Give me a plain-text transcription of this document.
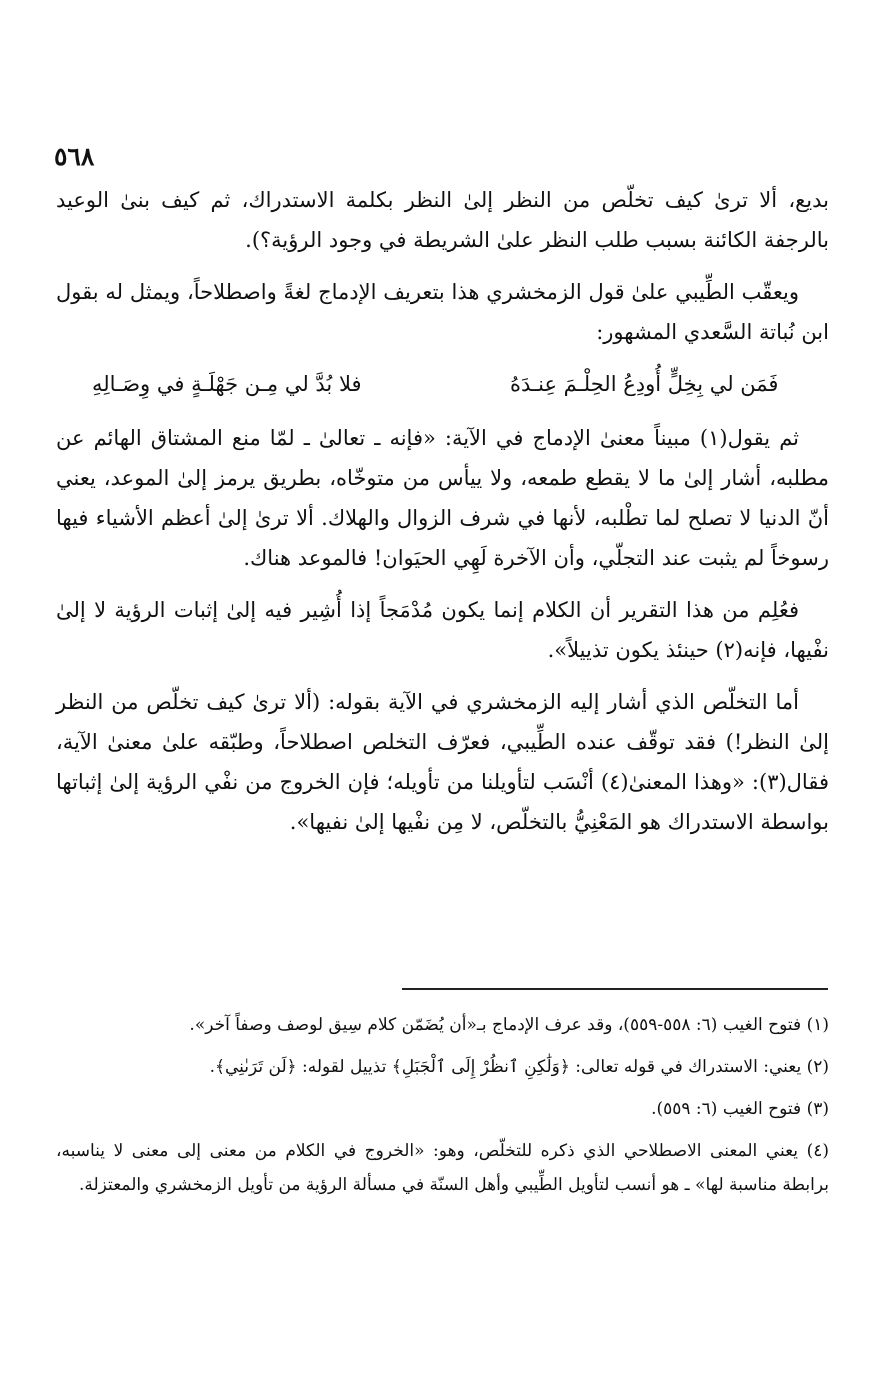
٥٦٨

بديع، ألا ترىٰ كيف تخلّص من النظر إلىٰ النظر بكلمة الاستدراك، ثم كيف بنىٰ الوعيد بالرجفة الكائنة بسبب طلب النظر علىٰ الشريطة في وجود الرؤية؟).

ويعقّب الطِّيبي علىٰ قول الزمخشري هذا بتعريف الإدماج لغةً واصطلاحاً، ويمثل له بقول ابن نُباتة السَّعدي المشهور:

فَمَن لي بِخِلٍّ أُودِعُ الحِلْـمَ عِنـدَهُ
فلا بُدَّ لي مِـن جَهْلَـةٍ في وِصَـالِهِ

ثم يقول(١) مبيناً معنىٰ الإدماج في الآية: «فإنه ـ تعالىٰ ـ لمّا منع المشتاق الهائم عن مطلبه، أشار إلىٰ ما لا يقطع طمعه، ولا ييأس من متوخّاه، بطريق يرمز إلىٰ الموعد، يعني أنّ الدنيا لا تصلح لما تطْلبه، لأنها في شرف الزوال والهلاك. ألا ترىٰ إلىٰ أعظم الأشياء فيها رسوخاً لم يثبت عند التجلّي، وأن الآخرة لَهِي الحيَوان! فالموعد هناك.

فعُلِم من هذا التقرير أن الكلام إنما يكون مُدْمَجاً إذا أُشِير فيه إلىٰ إثبات الرؤية لا إلىٰ نفْيها، فإنه(٢) حينئذ يكون تذييلاً».

أما التخلّص الذي أشار إليه الزمخشري في الآية بقوله: (ألا ترىٰ كيف تخلّص من النظر إلىٰ النظر!) فقد توقّف عنده الطِّيبي، فعرّف التخلص اصطلاحاً، وطبّقه علىٰ معنىٰ الآية، فقال(٣): «وهذا المعنىٰ(٤) أنْسَب لتأويلنا من تأويله؛ فإن الخروج من نفْي الرؤية إلىٰ إثباتها بواسطة الاستدراك هو المَعْنِيُّ بالتخلّص، لا مِن نفْيها إلىٰ نفيها».

(١) فتوح الغيب (٦: ٥٥٨-٥٥٩)، وقد عرف الإدماج بـ«أن يُضَمّن كلام سِيق لوصف وصفاً آخر».

(٢) يعني: الاستدراك في قوله تعالى: ﴿وَلَٰكِنِ ٱنظُرْ إِلَى ٱلْجَبَلِ﴾ تذييل لقوله: ﴿لَن تَرَىٰنِي﴾.

(٣) فتوح الغيب (٦: ٥٥٩).

(٤) يعني المعنى الاصطلاحي الذي ذكره للتخلّص، وهو: «الخروج في الكلام من معنى إلى معنى لا يناسبه، برابطة مناسبة لها» ـ هو أنسب لتأويل الطِّيبي وأهل السنّة في مسألة الرؤية من تأويل الزمخشري والمعتزلة.
